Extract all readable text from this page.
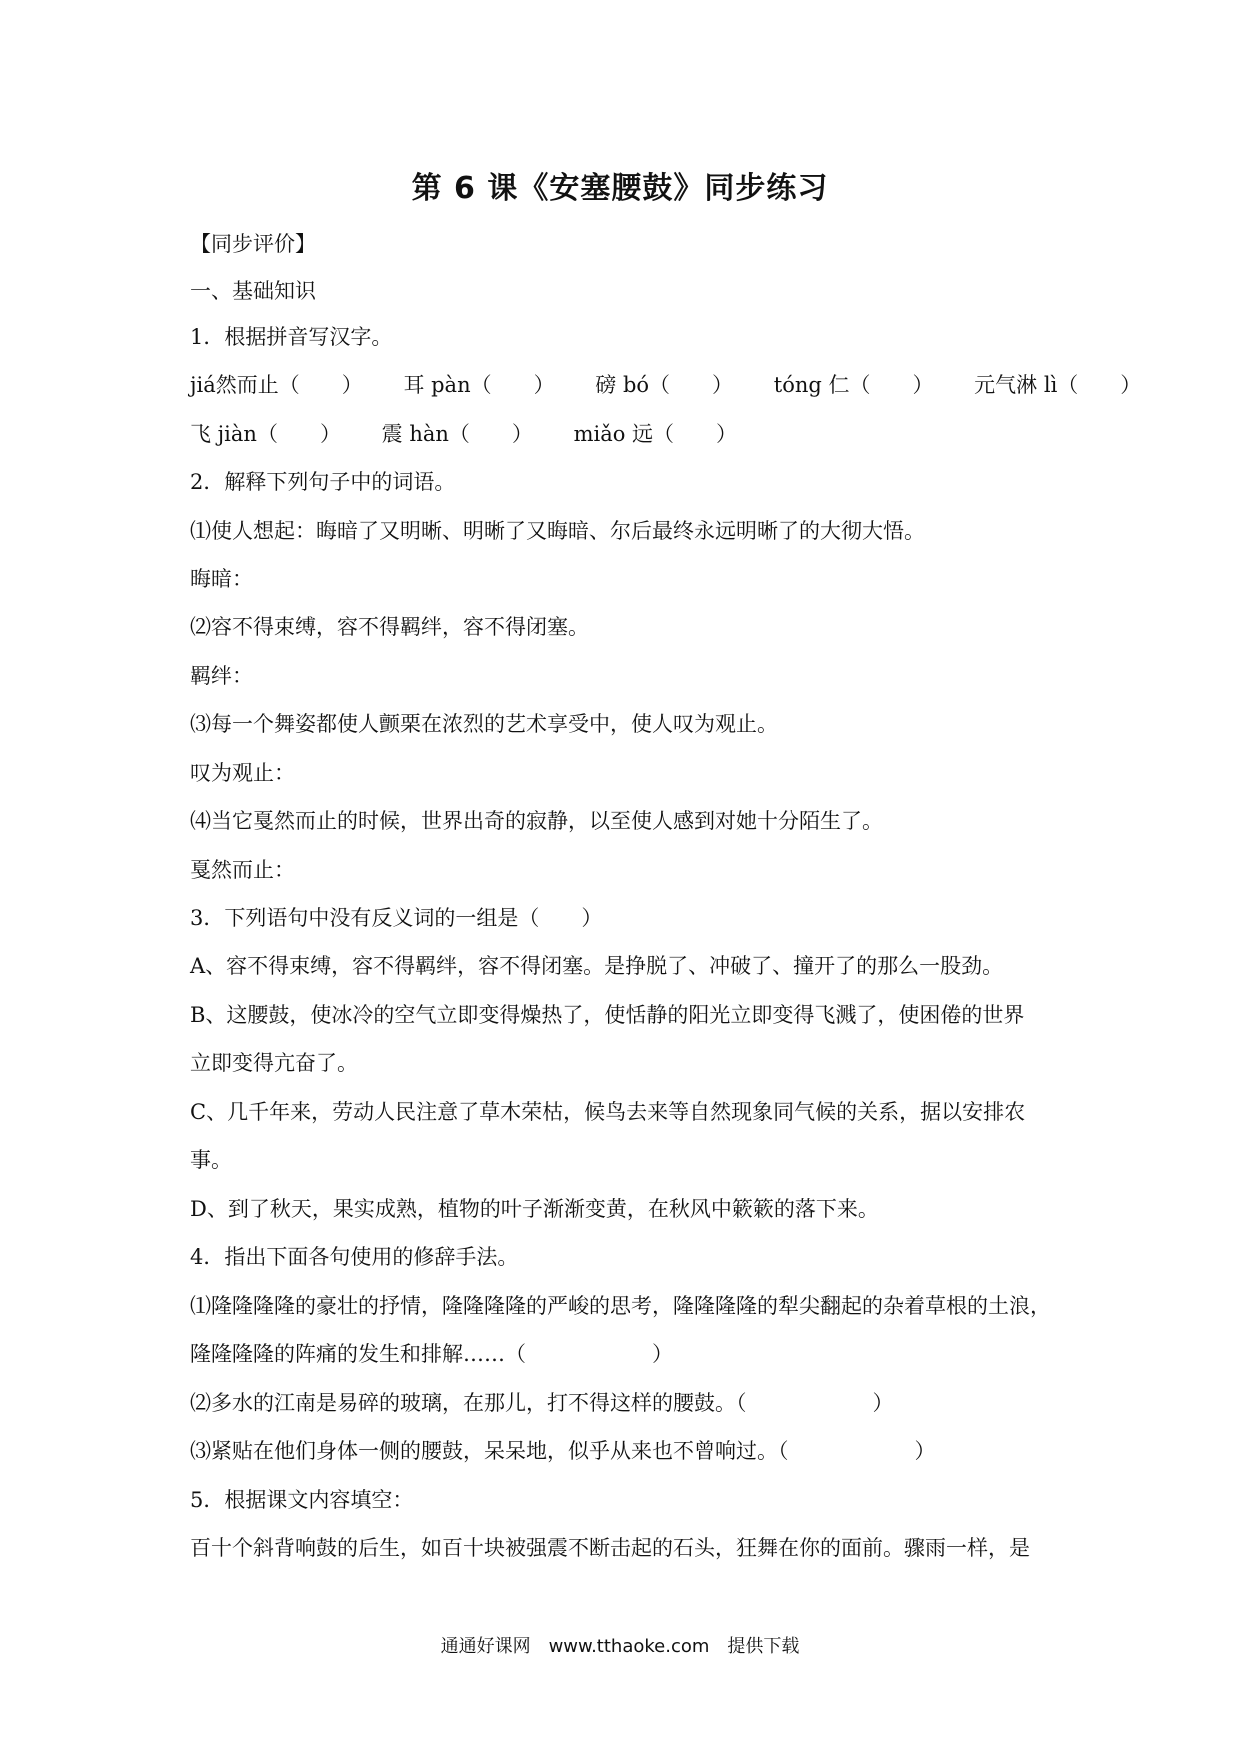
第 6 课《安塞腰鼓》同步练习
【同步评价】
一、基础知识
1．根据拼音写汉字。
jiá然而止（　　） 耳 pàn（　　） 磅 bó（　　） tóng 仁（　　） 元气淋 lì（　　）
飞 jiàn（　　） 震 hàn（　　） miǎo 远（　　）
2．解释下列句子中的词语。
⑴使人想起：晦暗了又明晰、明晰了又晦暗、尔后最终永远明晰了的大彻大悟。
晦暗：
⑵容不得束缚，容不得羁绊，容不得闭塞。
羁绊：
⑶每一个舞姿都使人颤栗在浓烈的艺术享受中，使人叹为观止。
叹为观止：
⑷当它戛然而止的时候，世界出奇的寂静，以至使人感到对她十分陌生了。
戛然而止：
3．下列语句中没有反义词的一组是（　　）
A、容不得束缚，容不得羁绊，容不得闭塞。是挣脱了、冲破了、撞开了的那么一股劲。
B、这腰鼓，使冰冷的空气立即变得燥热了，使恬静的阳光立即变得飞溅了，使困倦的世界
立即变得亢奋了。
C、几千年来，劳动人民注意了草木荣枯，候鸟去来等自然现象同气候的关系，据以安排农
事。
D、到了秋天，果实成熟，植物的叶子渐渐变黄，在秋风中簌簌的落下来。
4．指出下面各句使用的修辞手法。
⑴隆隆隆隆的豪壮的抒情，隆隆隆隆的严峻的思考，隆隆隆隆的犁尖翻起的杂着草根的土浪，
隆隆隆隆的阵痛的发生和排解……（　　　　　　）
⑵多水的江南是易碎的玻璃，在那儿，打不得这样的腰鼓。（　　　　　　）
⑶紧贴在他们身体一侧的腰鼓，呆呆地，似乎从来也不曾响过。（　　　　　　）
5．根据课文内容填空：
百十个斜背响鼓的后生，如百十块被强震不断击起的石头，狂舞在你的面前。骤雨一样，是
通通好课网　www.tthaoke.com　提供下载
